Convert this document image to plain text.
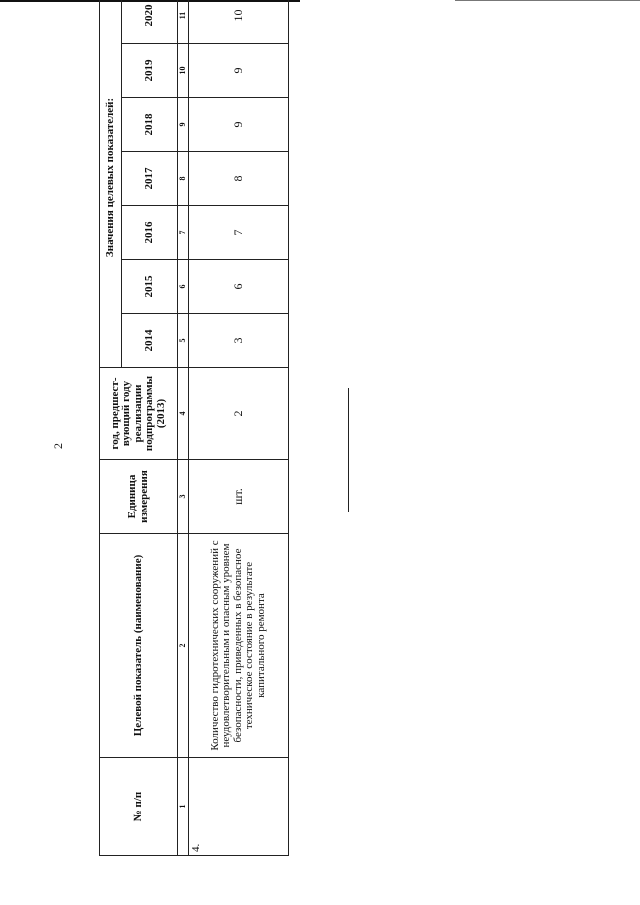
2
№ п/п	Целевой показатель (наименование)	Единица измерения	год, предшест- вующий году реализации подпрограммы (2013)	Значения целевых показателей:						
				2014	2015	2016	2017	2018	2019	2020
1	2	3	4	5	6	7	8	9	10	11
4.	Количество гидротехнических сооружений с неудовлетворительным и опасным уровнем безопасности, приведенных в безопасное техническое состояние в результате капитального ремонта	шт.	2	3	6	7	8	9	9	10
